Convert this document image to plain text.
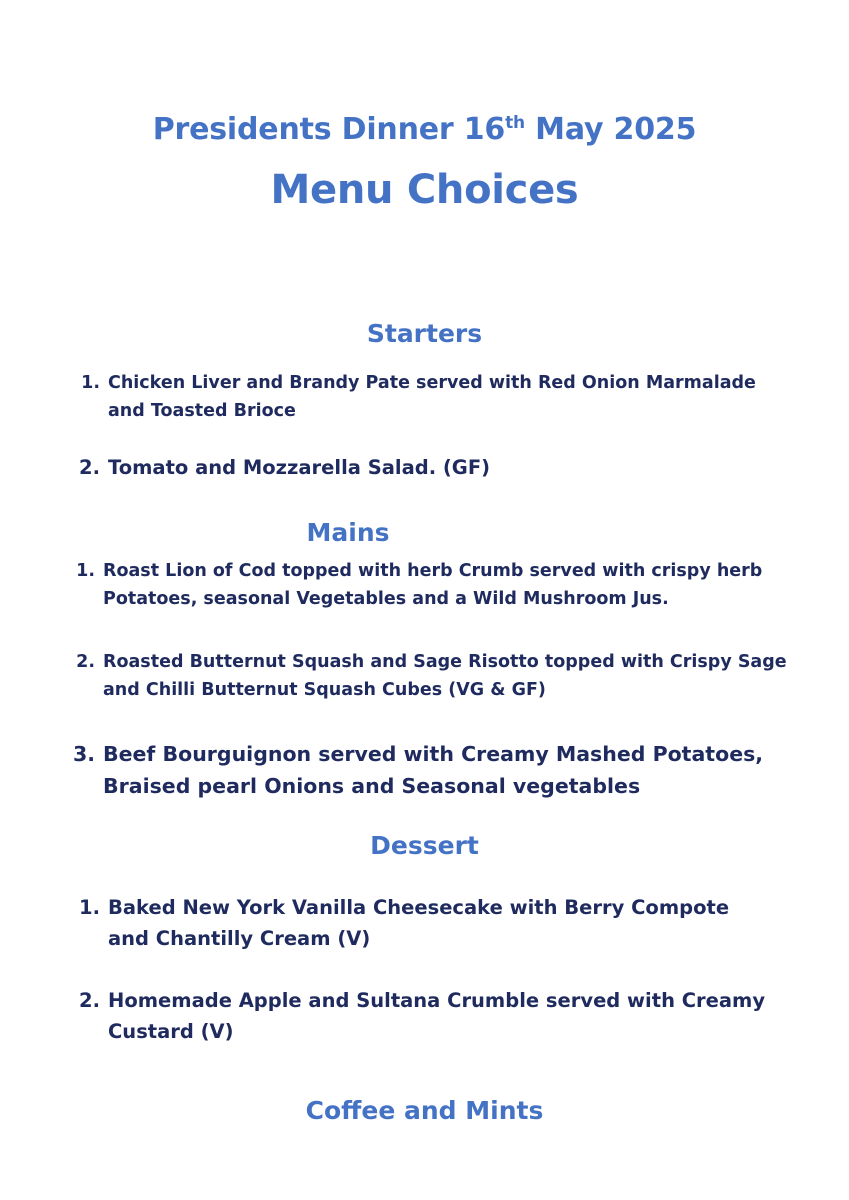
Presidents Dinner 16th May 2025
Menu Choices
Starters
1. Chicken Liver and Brandy Pate served with Red Onion Marmalade and Toasted Brioce
2. Tomato and Mozzarella Salad. (GF)
Mains
1. Roast Lion of Cod topped with herb Crumb served with crispy herb Potatoes, seasonal Vegetables and a Wild Mushroom Jus.
2. Roasted Butternut Squash and Sage Risotto topped with Crispy Sage and Chilli Butternut Squash Cubes (VG & GF)
3. Beef Bourguignon served with Creamy Mashed Potatoes, Braised pearl Onions and Seasonal vegetables
Dessert
1. Baked New York Vanilla Cheesecake with Berry Compote and Chantilly Cream (V)
2. Homemade Apple and Sultana Crumble served with Creamy Custard (V)
Coffee and Mints
